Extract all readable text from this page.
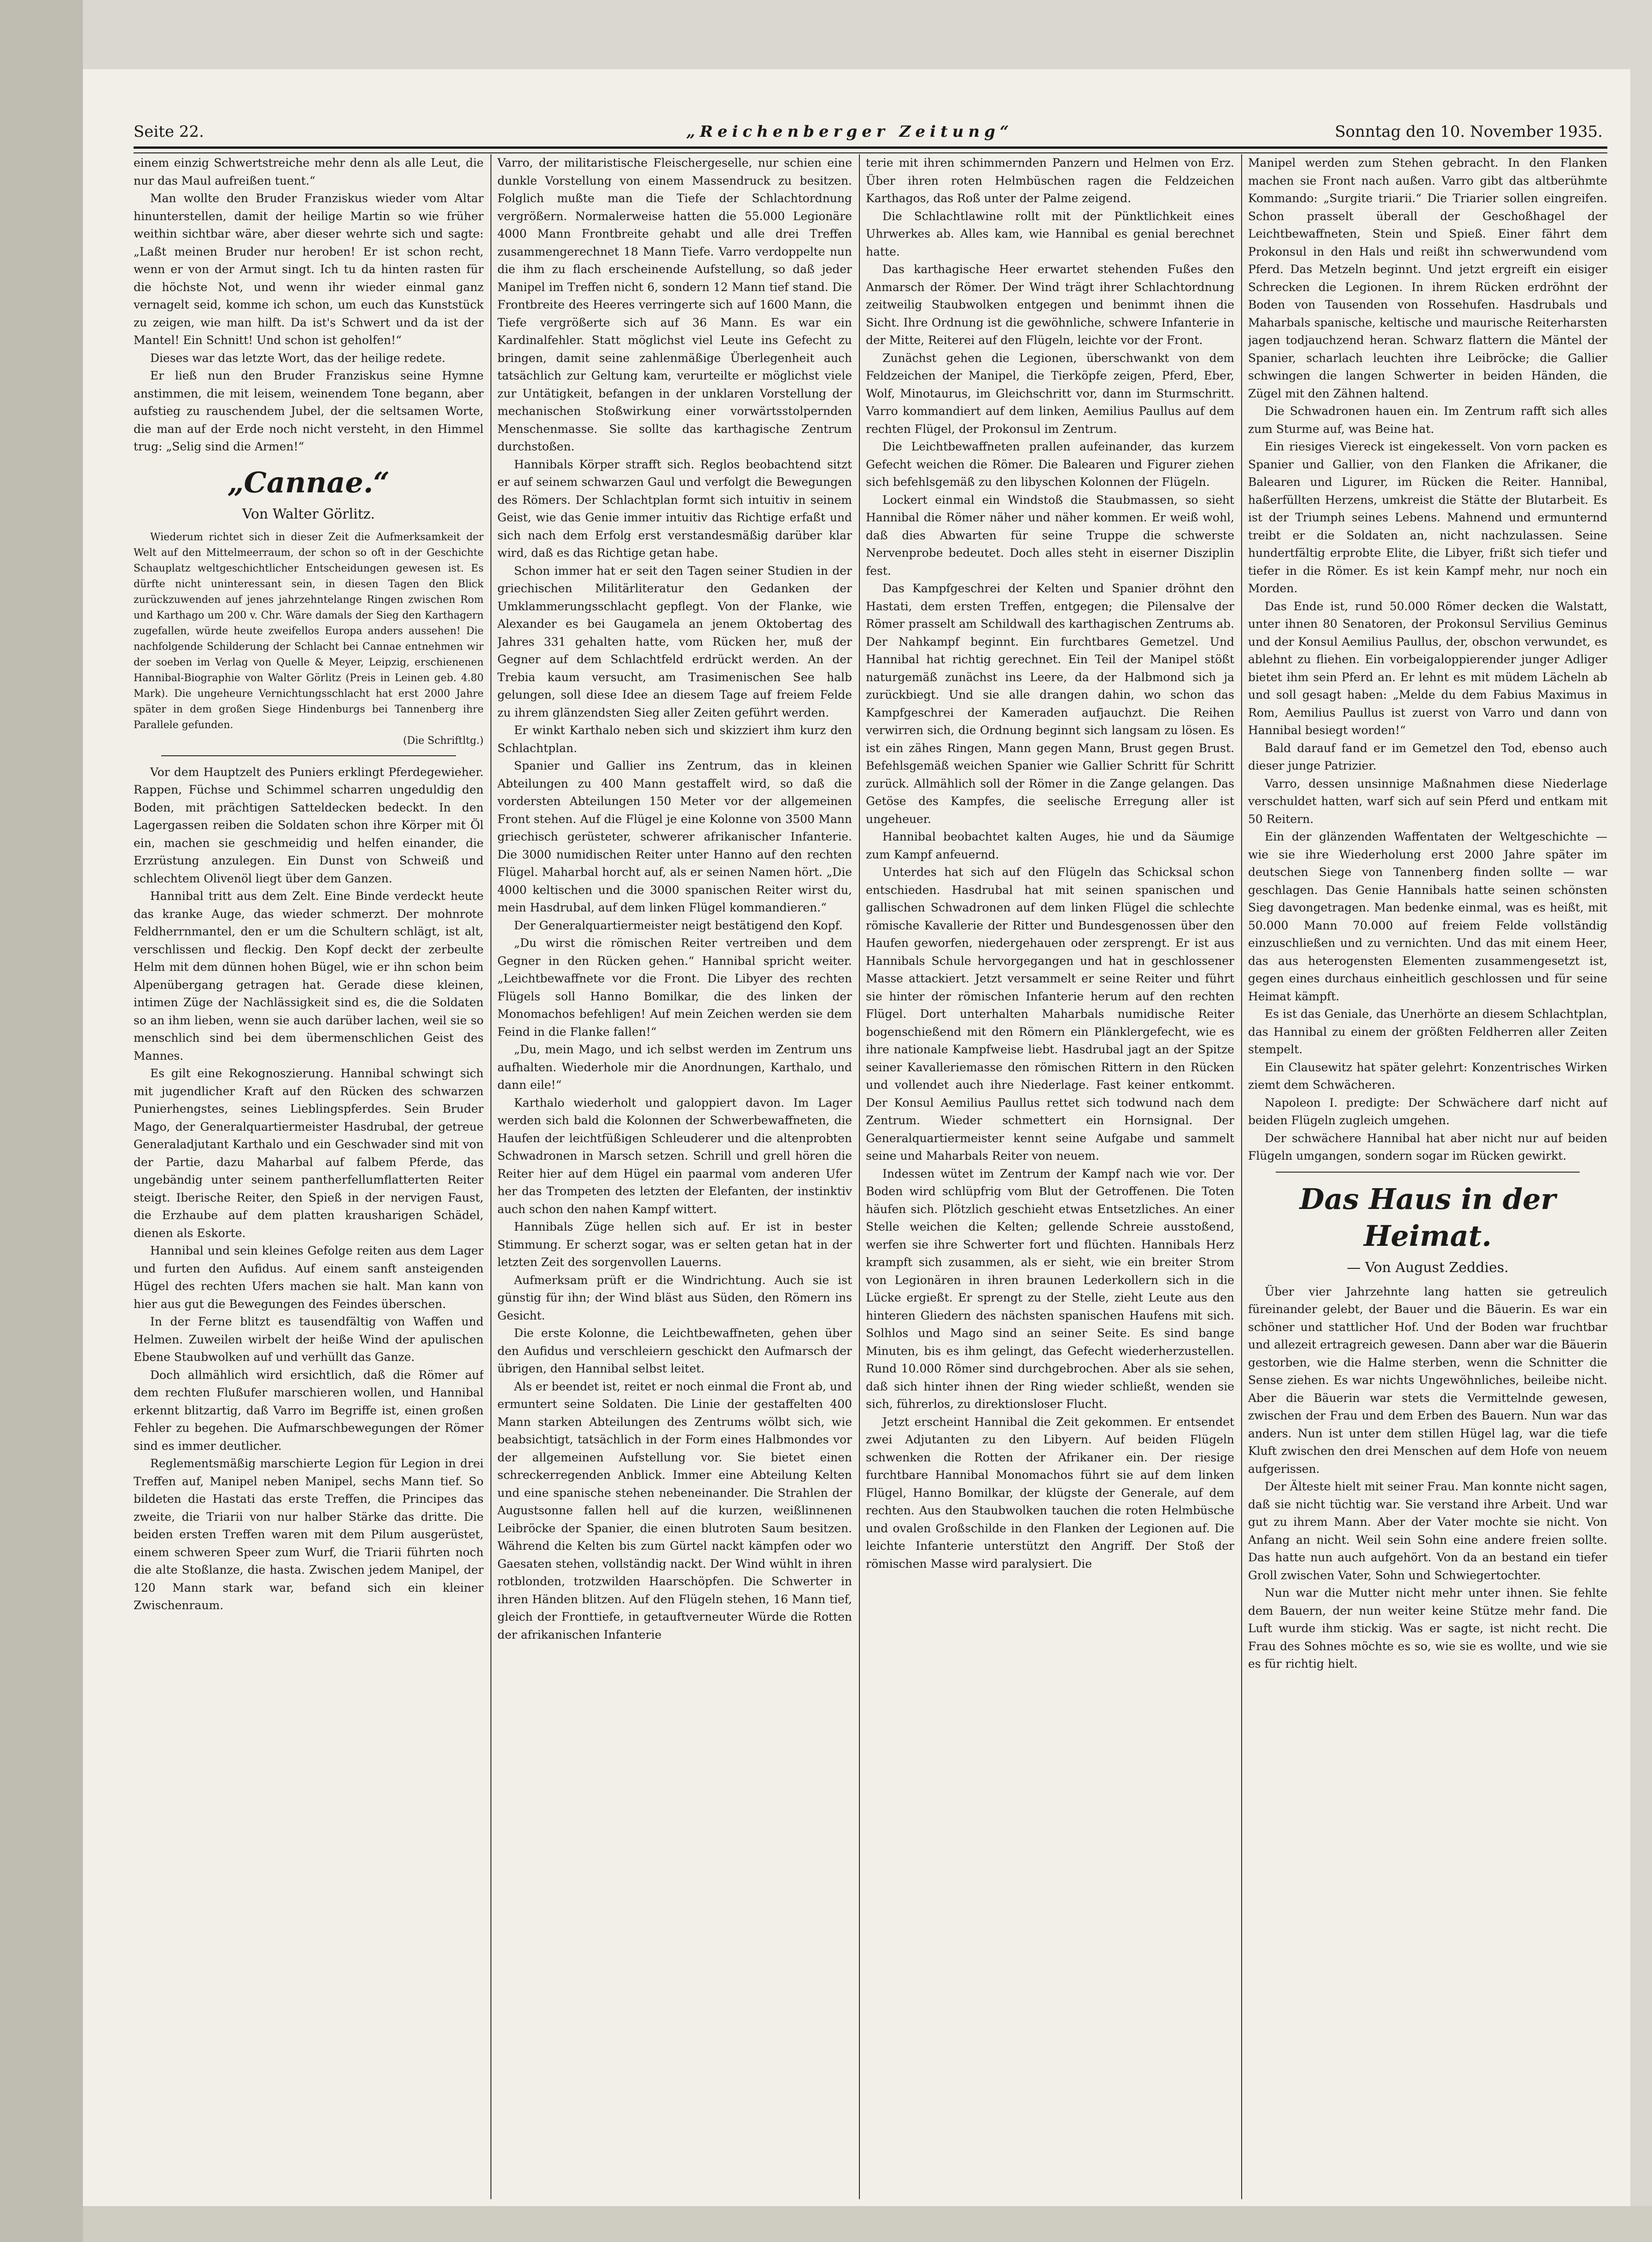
Seite 22.	„Reichenberger Zeitung“	Sonntag den 10. November 1935.

einem einzig Schwertstreiche mehr denn als alle Leut, die nur das Maul aufreißen tuent.“

Man wollte den Bruder Franziskus wieder vom Altar hinunterstellen, damit der heilige Martin so wie früher weithin sichtbar wäre, aber dieser wehrte sich und sagte: „Laßt meinen Bruder nur heroben! Er ist schon recht, wenn er von der Armut singt. Ich tu da hinten rasten für die höchste Not, und wenn ihr wieder einmal ganz vernagelt seid, komme ich schon, um euch das Kunststück zu zeigen, wie man hilft. Da ist's Schwert und da ist der Mantel! Ein Schnitt! Und schon ist geholfen!“

Dieses war das letzte Wort, das der heilige redete.

Er ließ nun den Bruder Franziskus seine Hymne anstimmen, die mit leisem, weinendem Tone begann, aber aufstieg zu rauschendem Jubel, der die seltsamen Worte, die man auf der Erde noch nicht versteht, in den Himmel trug: „Selig sind die Armen!“

„Cannae.“
Von Walter Görlitz.

Wiederum richtet sich in dieser Zeit die Aufmerksamkeit der Welt auf den Mittelmeerraum, der schon so oft in der Geschichte Schauplatz weltgeschichtlicher Entscheidungen gewesen ist. Es dürfte nicht uninteressant sein, in diesen Tagen den Blick zurückzuwenden auf jenes jahrzehntelange Ringen zwischen Rom und Karthago um 200 v. Chr. Wäre damals der Sieg den Karthagern zugefallen, würde heute zweifellos Europa anders aussehen! Die nachfolgende Schilderung der Schlacht bei Cannae entnehmen wir der soeben im Verlag von Quelle & Meyer, Leipzig, erschienenen Hannibal-Biographie von Walter Görlitz (Preis in Leinen geb. 4.80 Mark). Die ungeheure Vernichtungsschlacht hat erst 2000 Jahre später in dem großen Siege Hindenburgs bei Tannenberg ihre Parallele gefunden.

(Die Schriftltg.)

Vor dem Hauptzelt des Puniers erklingt Pferdegewieher. Rappen, Füchse und Schimmel scharren ungeduldig den Boden, mit prächtigen Satteldecken bedeckt. In den Lagergassen reiben die Soldaten schon ihre Körper mit Öl ein, machen sie geschmeidig und helfen einander, die Erzrüstung anzulegen. Ein Dunst von Schweiß und schlechtem Olivenöl liegt über dem Ganzen.

Hannibal tritt aus dem Zelt. Eine Binde verdeckt heute das kranke Auge, das wieder schmerzt. Der mohnrote Feldherrnmantel, den er um die Schultern schlägt, ist alt, verschlissen und fleckig. Den Kopf deckt der zerbeulte Helm mit dem dünnen hohen Bügel, wie er ihn schon beim Alpenübergang getragen hat. Gerade diese kleinen, intimen Züge der Nachlässigkeit sind es, die die Soldaten so an ihm lieben, wenn sie auch darüber lachen, weil sie so menschlich sind bei dem übermenschlichen Geist des Mannes.

Es gilt eine Rekognoszierung. Hannibal schwingt sich mit jugendlicher Kraft auf den Rücken des schwarzen Punierhengstes, seines Lieblingspferdes. Sein Bruder Mago, der Generalquartiermeister Hasdrubal, der getreue Generaladjutant Karthalo und ein Geschwader sind mit von der Partie, dazu Maharbal auf falbem Pferde, das ungebändig unter seinem pantherfellumflatterten Reiter steigt. Iberische Reiter, den Spieß in der nervigen Faust, die Erzhaube auf dem platten krausharigen Schädel, dienen als Eskorte.

Hannibal und sein kleines Gefolge reiten aus dem Lager und furten den Aufidus. Auf einem sanft ansteigenden Hügel des rechten Ufers machen sie halt. Man kann von hier aus gut die Bewegungen des Feindes überschen.

In der Ferne blitzt es tausendfältig von Waffen und Helmen. Zuweilen wirbelt der heiße Wind der apulischen Ebene Staubwolken auf und verhüllt das Ganze.

Doch allmählich wird ersichtlich, daß die Römer auf dem rechten Flußufer marschieren wollen, und Hannibal erkennt blitzartig, daß Varro im Begriffe ist, einen großen Fehler zu begehen. Die Aufmarschbewegungen der Römer sind es immer deutlicher.

Reglementsmäßig marschierte Legion für Legion in drei Treffen auf, Manipel neben Manipel, sechs Mann tief. So bildeten die Hastati das erste Treffen, die Principes das zweite, die Triarii von nur halber Stärke das dritte. Die beiden ersten Treffen waren mit dem Pilum ausgerüstet, einem schweren Speer zum Wurf, die Triarii führten noch die alte Stoßlanze, die hasta. Zwischen jedem Manipel, der 120 Mann stark war, befand sich ein kleiner Zwischenraum.

Varro, der militaristische Fleischergeselle, nur schien eine dunkle Vorstellung von einem Massendruck zu besitzen. Folglich mußte man die Tiefe der Schlachtordnung vergrößern. Normalerweise hatten die 55.000 Legionäre 4000 Mann Frontbreite gehabt und alle drei Treffen zusammengerechnet 18 Mann Tiefe. Varro verdoppelte nun die ihm zu flach erscheinende Aufstellung, so daß jeder Manipel im Treffen nicht 6, sondern 12 Mann tief stand. Die Frontbreite des Heeres verringerte sich auf 1600 Mann, die Tiefe vergrößerte sich auf 36 Mann. Es war ein Kardinalfehler. Statt möglichst viel Leute ins Gefecht zu bringen, damit seine zahlenmäßige Überlegenheit auch tatsächlich zur Geltung kam, verurteilte er möglichst viele zur Untätigkeit, befangen in der unklaren Vorstellung der mechanischen Stoßwirkung einer vorwärtsstolpernden Menschenmasse. Sie sollte das karthagische Zentrum durchstoßen.

Hannibals Körper strafft sich. Reglos beobachtend sitzt er auf seinem schwarzen Gaul und verfolgt die Bewegungen des Römers. Der Schlachtplan formt sich intuitiv in seinem Geist, wie das Genie immer intuitiv das Richtige erfaßt und sich nach dem Erfolg erst verstandesmäßig darüber klar wird, daß es das Richtige getan habe.

Schon immer hat er seit den Tagen seiner Studien in der griechischen Militärliteratur den Gedanken der Umklammerungsschlacht gepflegt. Von der Flanke, wie Alexander es bei Gaugamela an jenem Oktobertag des Jahres 331 gehalten hatte, vom Rücken her, muß der Gegner auf dem Schlachtfeld erdrückt werden. An der Trebia kaum versucht, am Trasimenischen See halb gelungen, soll diese Idee an diesem Tage auf freiem Felde zu ihrem glänzendsten Sieg aller Zeiten geführt werden.

Er winkt Karthalo neben sich und skizziert ihm kurz den Schlachtplan.

Spanier und Gallier ins Zentrum, das in kleinen Abteilungen zu 400 Mann gestaffelt wird, so daß die vordersten Abteilungen 150 Meter vor der allgemeinen Front stehen. Auf die Flügel je eine Kolonne von 3500 Mann griechisch gerüsteter, schwerer afrikanischer Infanterie. Die 3000 numidischen Reiter unter Hanno auf den rechten Flügel. Maharbal horcht auf, als er seinen Namen hört. „Die 4000 keltischen und die 3000 spanischen Reiter wirst du, mein Hasdrubal, auf dem linken Flügel kommandieren.“

Der Generalquartiermeister neigt bestätigend den Kopf.

„Du wirst die römischen Reiter vertreiben und dem Gegner in den Rücken gehen.“ Hannibal spricht weiter. „Leichtbewaffnete vor die Front. Die Libyer des rechten Flügels soll Hanno Bomilkar, die des linken der Monomachos befehligen! Auf mein Zeichen werden sie dem Feind in die Flanke fallen!“

„Du, mein Mago, und ich selbst werden im Zentrum uns aufhalten. Wiederhole mir die Anordnungen, Karthalo, und dann eile!“

Karthalo wiederholt und galoppiert davon. Im Lager werden sich bald die Kolonnen der Schwerbewaffneten, die Haufen der leichtfüßigen Schleuderer und die altenprobten Schwadronen in Marsch setzen. Schrill und grell hören die Reiter hier auf dem Hügel ein paarmal vom anderen Ufer her das Trompeten des letzten der Elefanten, der instinktiv auch schon den nahen Kampf wittert.

Hannibals Züge hellen sich auf. Er ist in bester Stimmung. Er scherzt sogar, was er selten getan hat in der letzten Zeit des sorgenvollen Lauerns.

Aufmerksam prüft er die Windrichtung. Auch sie ist günstig für ihn; der Wind bläst aus Süden, den Römern ins Gesicht.

Die erste Kolonne, die Leichtbewaffneten, gehen über den Aufidus und verschleiern geschickt den Aufmarsch der übrigen, den Hannibal selbst leitet.

Als er beendet ist, reitet er noch einmal die Front ab, und ermuntert seine Soldaten. Die Linie der gestaffelten 400 Mann starken Abteilungen des Zentrums wölbt sich, wie beabsichtigt, tatsächlich in der Form eines Halbmondes vor der allgemeinen Aufstellung vor. Sie bietet einen schreckerregenden Anblick. Immer eine Abteilung Kelten und eine spanische stehen nebeneinander. Die Strahlen der Augustsonne fallen hell auf die kurzen, weißlinnenen Leibröcke der Spanier, die einen blutroten Saum besitzen. Während die Kelten bis zum Gürtel nackt kämpfen oder wo Gaesaten stehen, vollständig nackt. Der Wind wühlt in ihren rotblonden, trotzwilden Haarschöpfen. Die Schwerter in ihren Händen blitzen. Auf den Flügeln stehen, 16 Mann tief, gleich der Fronttiefe, in getauftverneuter Würde die Rotten der afrikanischen Infanterie

terie mit ihren schimmernden Panzern und Helmen von Erz. Über ihren roten Helmbüschen ragen die Feldzeichen Karthagos, das Roß unter der Palme zeigend.

Die Schlachtlawine rollt mit der Pünktlichkeit eines Uhrwerkes ab. Alles kam, wie Hannibal es genial berechnet hatte.

Das karthagische Heer erwartet stehenden Fußes den Anmarsch der Römer. Der Wind trägt ihrer Schlachtordnung zeitweilig Staubwolken entgegen und benimmt ihnen die Sicht. Ihre Ordnung ist die gewöhnliche, schwere Infanterie in der Mitte, Reiterei auf den Flügeln, leichte vor der Front.

Zunächst gehen die Legionen, überschwankt von dem Feldzeichen der Manipel, die Tierköpfe zeigen, Pferd, Eber, Wolf, Minotaurus, im Gleichschritt vor, dann im Sturmschritt. Varro kommandiert auf dem linken, Aemilius Paullus auf dem rechten Flügel, der Prokonsul im Zentrum.

Die Leichtbewaffneten prallen aufeinander, das kurzem Gefecht weichen die Römer. Die Balearen und Figurer ziehen sich befehlsgemäß zu den libyschen Kolonnen der Flügeln.

Lockert einmal ein Windstoß die Staubmassen, so sieht Hannibal die Römer näher und näher kommen. Er weiß wohl, daß dies Abwarten für seine Truppe die schwerste Nervenprobe bedeutet. Doch alles steht in eiserner Disziplin fest.

Das Kampfgeschrei der Kelten und Spanier dröhnt den Hastati, dem ersten Treffen, entgegen; die Pilensalve der Römer prasselt am Schildwall des karthagischen Zentrums ab. Der Nahkampf beginnt. Ein furchtbares Gemetzel. Und Hannibal hat richtig gerechnet. Ein Teil der Manipel stößt naturgemäß zunächst ins Leere, da der Halbmond sich ja zurückbiegt. Und sie alle drangen dahin, wo schon das Kampfgeschrei der Kameraden aufjauchzt. Die Reihen verwirren sich, die Ordnung beginnt sich langsam zu lösen. Es ist ein zähes Ringen, Mann gegen Mann, Brust gegen Brust. Befehlsgemäß weichen Spanier wie Gallier Schritt für Schritt zurück. Allmählich soll der Römer in die Zange gelangen. Das Getöse des Kampfes, die seelische Erregung aller ist ungeheuer.

Hannibal beobachtet kalten Auges, hie und da Säumige zum Kampf anfeuernd.

Unterdes hat sich auf den Flügeln das Schicksal schon entschieden. Hasdrubal hat mit seinen spanischen und gallischen Schwadronen auf dem linken Flügel die schlechte römische Kavallerie der Ritter und Bundesgenossen über den Haufen geworfen, niedergehauen oder zersprengt. Er ist aus Hannibals Schule hervorgegangen und hat in geschlossener Masse attackiert. Jetzt versammelt er seine Reiter und führt sie hinter der römischen Infanterie herum auf den rechten Flügel. Dort unterhalten Maharbals numidische Reiter bogenschießend mit den Römern ein Plänklergefecht, wie es ihre nationale Kampfweise liebt. Hasdrubal jagt an der Spitze seiner Kavalleriemasse den römischen Rittern in den Rücken und vollendet auch ihre Niederlage. Fast keiner entkommt. Der Konsul Aemilius Paullus rettet sich todwund nach dem Zentrum. Wieder schmettert ein Hornsignal. Der Generalquartiermeister kennt seine Aufgabe und sammelt seine und Maharbals Reiter von neuem.

Indessen wütet im Zentrum der Kampf nach wie vor. Der Boden wird schlüpfrig vom Blut der Getroffenen. Die Toten häufen sich. Plötzlich geschieht etwas Entsetzliches. An einer Stelle weichen die Kelten; gellende Schreie ausstoßend, werfen sie ihre Schwerter fort und flüchten. Hannibals Herz krampft sich zusammen, als er sieht, wie ein breiter Strom von Legionären in ihren braunen Lederkollern sich in die Lücke ergießt. Er sprengt zu der Stelle, zieht Leute aus den hinteren Gliedern des nächsten spanischen Haufens mit sich. Solhlos und Mago sind an seiner Seite. Es sind bange Minuten, bis es ihm gelingt, das Gefecht wiederherzustellen. Rund 10.000 Römer sind durchgebrochen. Aber als sie sehen, daß sich hinter ihnen der Ring wieder schließt, wenden sie sich, führerlos, zu direktionsloser Flucht.

Jetzt erscheint Hannibal die Zeit gekommen. Er entsendet zwei Adjutanten zu den Libyern. Auf beiden Flügeln schwenken die Rotten der Afrikaner ein. Der riesige furchtbare Hannibal Monomachos führt sie auf dem linken Flügel, Hanno Bomilkar, der klügste der Generale, auf dem rechten. Aus den Staubwolken tauchen die roten Helmbüsche und ovalen Großschilde in den Flanken der Legionen auf. Die leichte Infanterie unterstützt den Angriff. Der Stoß der römischen Masse wird paralysiert. Die

Manipel werden zum Stehen gebracht. In den Flanken machen sie Front nach außen. Varro gibt das altberühmte Kommando: „Surgite triarii.“ Die Triarier sollen eingreifen. Schon prasselt überall der Geschoßhagel der Leichtbewaffneten, Stein und Spieß. Einer fährt dem Prokonsul in den Hals und reißt ihn schwerwundend vom Pferd. Das Metzeln beginnt. Und jetzt ergreift ein eisiger Schrecken die Legionen. In ihrem Rücken erdröhnt der Boden von Tausenden von Rossehufen. Hasdrubals und Maharbals spanische, keltische und maurische Reiterharsten jagen todjauchzend heran. Schwarz flattern die Mäntel der Spanier, scharlach leuchten ihre Leibröcke; die Gallier schwingen die langen Schwerter in beiden Händen, die Zügel mit den Zähnen haltend.

Die Schwadronen hauen ein. Im Zentrum rafft sich alles zum Sturme auf, was Beine hat.

Ein riesiges Viereck ist eingekesselt. Von vorn packen es Spanier und Gallier, von den Flanken die Afrikaner, die Balearen und Ligurer, im Rücken die Reiter. Hannibal, haßerfüllten Herzens, umkreist die Stätte der Blutarbeit. Es ist der Triumph seines Lebens. Mahnend und ermunternd treibt er die Soldaten an, nicht nachzulassen. Seine hundertfältig erprobte Elite, die Libyer, frißt sich tiefer und tiefer in die Römer. Es ist kein Kampf mehr, nur noch ein Morden.

Das Ende ist, rund 50.000 Römer decken die Walstatt, unter ihnen 80 Senatoren, der Prokonsul Servilius Geminus und der Konsul Aemilius Paullus, der, obschon verwundet, es ablehnt zu fliehen. Ein vorbeigaloppierender junger Adliger bietet ihm sein Pferd an. Er lehnt es mit müdem Lächeln ab und soll gesagt haben: „Melde du dem Fabius Maximus in Rom, Aemilius Paullus ist zuerst von Varro und dann von Hannibal besiegt worden!“

Bald darauf fand er im Gemetzel den Tod, ebenso auch dieser junge Patrizier.

Varro, dessen unsinnige Maßnahmen diese Niederlage verschuldet hatten, warf sich auf sein Pferd und entkam mit 50 Reitern.

Ein der glänzenden Waffentaten der Weltgeschichte — wie sie ihre Wiederholung erst 2000 Jahre später im deutschen Siege von Tannenberg finden sollte — war geschlagen. Das Genie Hannibals hatte seinen schönsten Sieg davongetragen. Man bedenke einmal, was es heißt, mit 50.000 Mann 70.000 auf freiem Felde vollständig einzuschließen und zu vernichten. Und das mit einem Heer, das aus heterogensten Elementen zusammengesetzt ist, gegen eines durchaus einheitlich geschlossen und für seine Heimat kämpft.

Es ist das Geniale, das Unerhörte an diesem Schlachtplan, das Hannibal zu einem der größten Feldherren aller Zeiten stempelt.

Ein Clausewitz hat später gelehrt: Konzentrisches Wirken ziemt dem Schwächeren.

Napoleon I. predigte: Der Schwächere darf nicht auf beiden Flügeln zugleich umgehen.

Der schwächere Hannibal hat aber nicht nur auf beiden Flügeln umgangen, sondern sogar im Rücken gewirkt.

Das Haus in der Heimat.
— Von August Zeddies.

Über vier Jahrzehnte lang hatten sie getreulich füreinander gelebt, der Bauer und die Bäuerin. Es war ein schöner und stattlicher Hof. Und der Boden war fruchtbar und allezeit ertragreich gewesen. Dann aber war die Bäuerin gestorben, wie die Halme sterben, wenn die Schnitter die Sense ziehen. Es war nichts Ungewöhnliches, beileibe nicht. Aber die Bäuerin war stets die Vermittelnde gewesen, zwischen der Frau und dem Erben des Bauern. Nun war das anders. Nun ist unter dem stillen Hügel lag, war die tiefe Kluft zwischen den drei Menschen auf dem Hofe von neuem aufgerissen.

Der Älteste hielt mit seiner Frau. Man konnte nicht sagen, daß sie nicht tüchtig war. Sie verstand ihre Arbeit. Und war gut zu ihrem Mann. Aber der Vater mochte sie nicht. Von Anfang an nicht. Weil sein Sohn eine andere freien sollte. Das hatte nun auch aufgehört. Von da an bestand ein tiefer Groll zwischen Vater, Sohn und Schwiegertochter.

Nun war die Mutter nicht mehr unter ihnen. Sie fehlte dem Bauern, der nun weiter keine Stütze mehr fand. Die Luft wurde ihm stickig. Was er sagte, ist nicht recht. Die Frau des Sohnes möchte es so, wie sie es wollte, und wie sie es für richtig hielt.
